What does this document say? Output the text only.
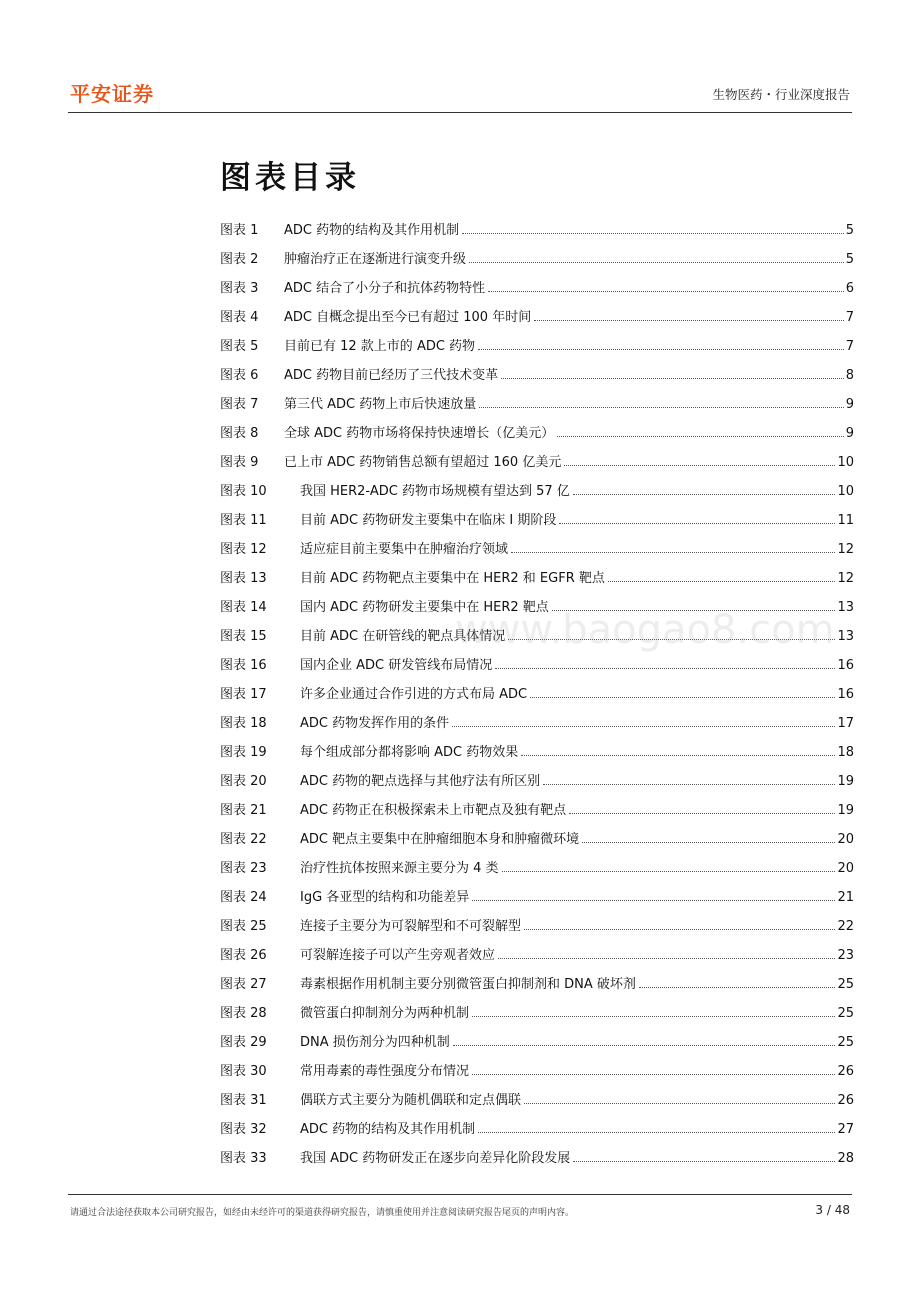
平安证券	生物医药・行业深度报告
图表目录
图表 1	ADC 药物的结构及其作用机制	5
图表 2	肿瘤治疗正在逐渐进行演变升级	5
图表 3	ADC 结合了小分子和抗体药物特性	6
图表 4	ADC 自概念提出至今已有超过 100 年时间	7
图表 5	目前已有 12 款上市的 ADC 药物	7
图表 6	ADC 药物目前已经历了三代技术变革	8
图表 7	第三代 ADC 药物上市后快速放量	9
图表 8	全球 ADC 药物市场将保持快速增长（亿美元）	9
图表 9	已上市 ADC 药物销售总额有望超过 160 亿美元	10
图表 10	我国 HER2-ADC 药物市场规模有望达到 57 亿	10
图表 11	目前 ADC 药物研发主要集中在临床 I 期阶段	11
图表 12	适应症目前主要集中在肿瘤治疗领域	12
图表 13	目前 ADC 药物靶点主要集中在 HER2 和 EGFR 靶点	12
图表 14	国内 ADC 药物研发主要集中在 HER2 靶点	13
图表 15	目前 ADC 在研管线的靶点具体情况	13
图表 16	国内企业 ADC 研发管线布局情况	16
图表 17	许多企业通过合作引进的方式布局 ADC	16
图表 18	ADC 药物发挥作用的条件	17
图表 19	每个组成部分都将影响 ADC 药物效果	18
图表 20	ADC 药物的靶点选择与其他疗法有所区别	19
图表 21	ADC 药物正在积极探索未上市靶点及独有靶点	19
图表 22	ADC 靶点主要集中在肿瘤细胞本身和肿瘤微环境	20
图表 23	治疗性抗体按照来源主要分为 4 类	20
图表 24	IgG 各亚型的结构和功能差异	21
图表 25	连接子主要分为可裂解型和不可裂解型	22
图表 26	可裂解连接子可以产生旁观者效应	23
图表 27	毒素根据作用机制主要分别微管蛋白抑制剂和 DNA 破坏剂	25
图表 28	微管蛋白抑制剂分为两种机制	25
图表 29	DNA 损伤剂分为四种机制	25
图表 30	常用毒素的毒性强度分布情况	26
图表 31	偶联方式主要分为随机偶联和定点偶联	26
图表 32	ADC 药物的结构及其作用机制	27
图表 33	我国 ADC 药物研发正在逐步向差异化阶段发展	28
www.baogao8.com
请通过合法途径获取本公司研究报告，如经由未经许可的渠道获得研究报告，请慎重使用并注意阅读研究报告尾页的声明内容。	3 / 48
